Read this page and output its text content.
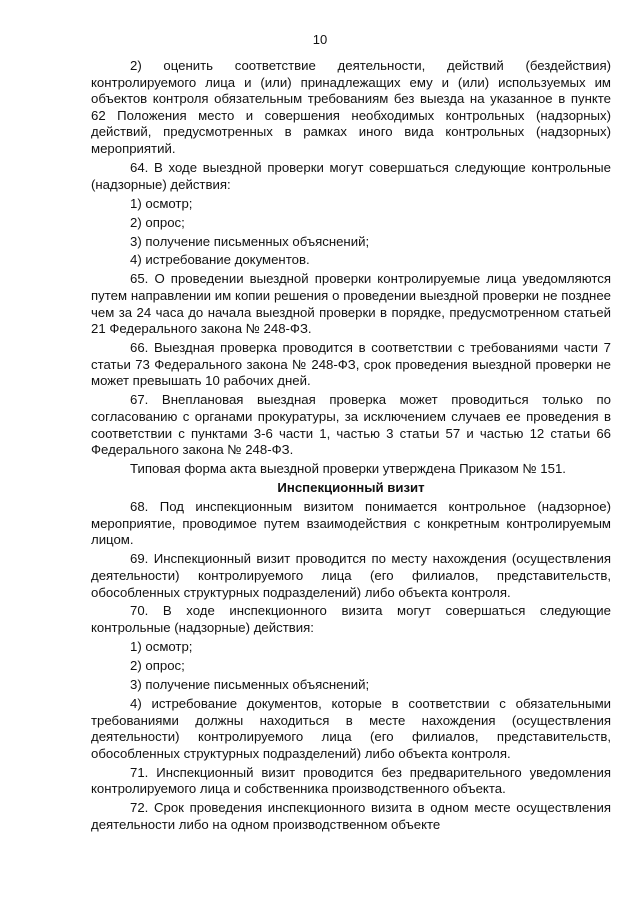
10
2) оценить соответствие деятельности, действий (бездействия) контролируемого лица и (или) принадлежащих ему и (или) используемых им объектов контроля обязательным требованиям без выезда на указанное в пункте 62 Положения место и совершения необходимых контрольных (надзорных) действий, предусмотренных в рамках иного вида контрольных (надзорных) мероприятий.
64. В ходе выездной проверки могут совершаться следующие контрольные (надзорные) действия:
1) осмотр;
2) опрос;
3) получение письменных объяснений;
4) истребование документов.
65. О проведении выездной проверки контролируемые лица уведомляются путем направлении им копии решения о проведении выездной проверки не позднее чем за 24 часа до начала выездной проверки в порядке, предусмотренном статьей 21 Федерального закона № 248-ФЗ.
66. Выездная проверка проводится в соответствии с требованиями части 7 статьи 73 Федерального закона № 248-ФЗ, срок проведения выездной проверки не может превышать 10 рабочих дней.
67. Внеплановая выездная проверка может проводиться только по согласованию с органами прокуратуры, за исключением случаев ее проведения в соответствии с пунктами 3-6 части 1, частью 3 статьи 57 и частью 12 статьи 66 Федерального закона № 248-ФЗ.
Типовая форма акта выездной проверки утверждена Приказом № 151.
Инспекционный визит
68. Под инспекционным визитом понимается контрольное (надзорное) мероприятие, проводимое путем взаимодействия с конкретным контролируемым лицом.
69. Инспекционный визит проводится по месту нахождения (осуществления деятельности) контролируемого лица (его филиалов, представительств, обособленных структурных подразделений) либо объекта контроля.
70. В ходе инспекционного визита могут совершаться следующие контрольные (надзорные) действия:
1) осмотр;
2) опрос;
3) получение письменных объяснений;
4) истребование документов, которые в соответствии с обязательными требованиями должны находиться в месте нахождения (осуществления деятельности) контролируемого лица (его филиалов, представительств, обособленных структурных подразделений) либо объекта контроля.
71. Инспекционный визит проводится без предварительного уведомления контролируемого лица и собственника производственного объекта.
72. Срок проведения инспекционного визита в одном месте осуществления деятельности либо на одном производственном объекте
